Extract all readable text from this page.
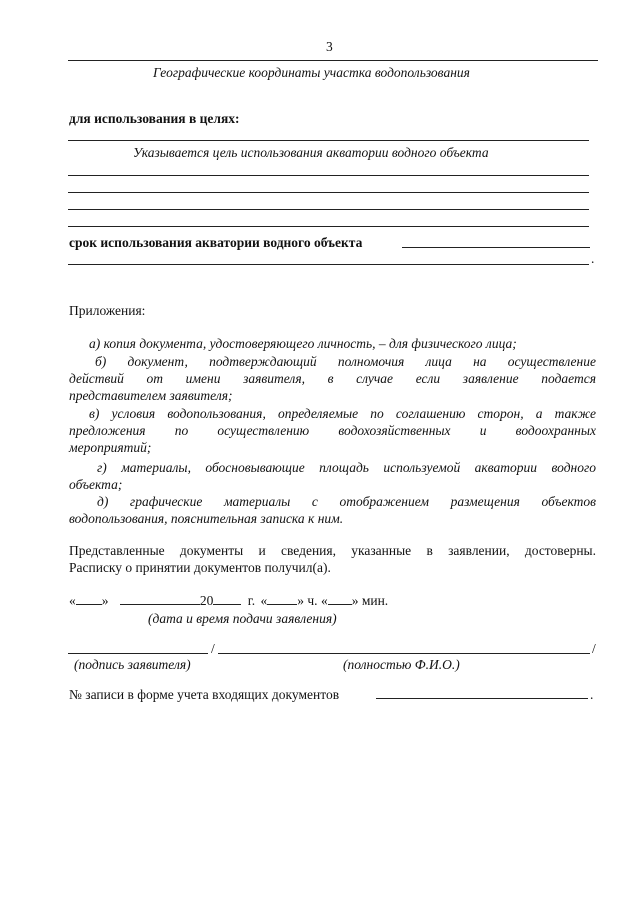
3
Географические координаты участка водопользования
для использования в целях:
Указывается цель использования акватории водного объекта
срок использования акватории водного объекта
.
Приложения:
а) копия документа, удостоверяющего личность, – для физического лица;
б) документ, подтверждающий полномочия лица на осуществление
действий от имени заявителя, в случае если заявление подается
представителем заявителя;
в) условия водопользования, определяемые по соглашению сторон, а также
предложения по осуществлению водохозяйственных и водоохранных
мероприятий;
г) материалы, обосновывающие площадь используемой акватории водного
объекта;
д) графические материалы с отображением размещения объектов
водопользования, пояснительная записка к ним.
Представленные документы и сведения, указанные в заявлении, достоверны.
Расписку о принятии документов получил(а).
« »	20	г. « » ч. « » мин.
(дата и время подачи заявления)
/	/
(подпись заявителя)	(полностью Ф.И.О.)
№ записи в форме учета входящих документов	.
